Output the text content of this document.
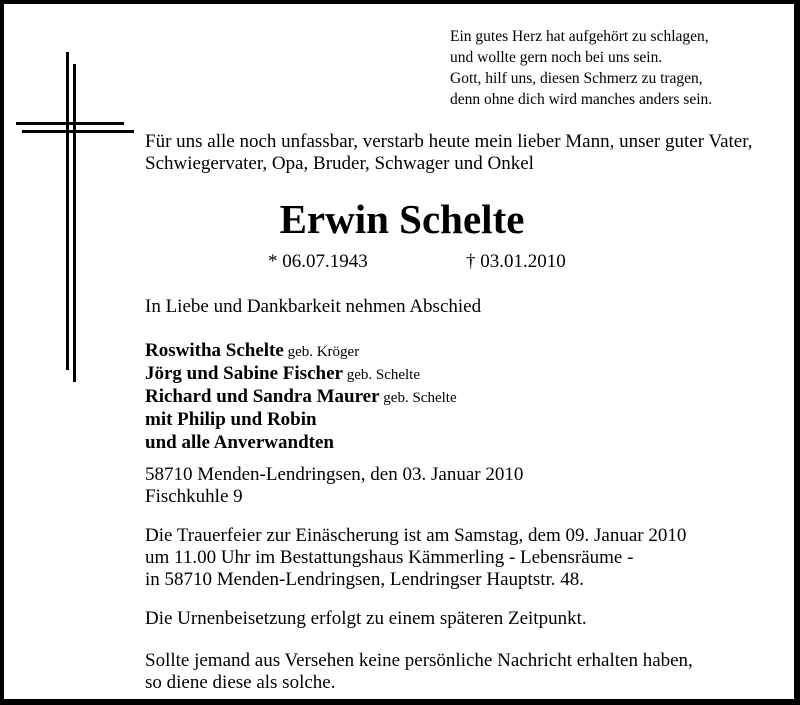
Ein gutes Herz hat aufgehört zu schlagen,
und wollte gern noch bei uns sein.
Gott, hilf uns, diesen Schmerz zu tragen,
denn ohne dich wird manches anders sein.
Für uns alle noch unfassbar, verstarb heute mein lieber Mann, unser guter Vater,
Schwiegervater, Opa, Bruder, Schwager und Onkel
Erwin Schelte
* 06.07.1943	† 03.01.2010
In Liebe und Dankbarkeit nehmen Abschied
Roswitha Schelte geb. Kröger
Jörg und Sabine Fischer geb. Schelte
Richard und Sandra Maurer geb. Schelte
mit Philip und Robin
und alle Anverwandten
58710 Menden-Lendringsen, den 03. Januar 2010
Fischkuhle 9
Die Trauerfeier zur Einäscherung ist am Samstag, dem 09. Januar 2010
um 11.00 Uhr im Bestattungshaus Kämmerling - Lebensräume -
in 58710 Menden-Lendringsen, Lendringser Hauptstr. 48.
Die Urnenbeisetzung erfolgt zu einem späteren Zeitpunkt.
Sollte jemand aus Versehen keine persönliche Nachricht erhalten haben,
so diene diese als solche.
